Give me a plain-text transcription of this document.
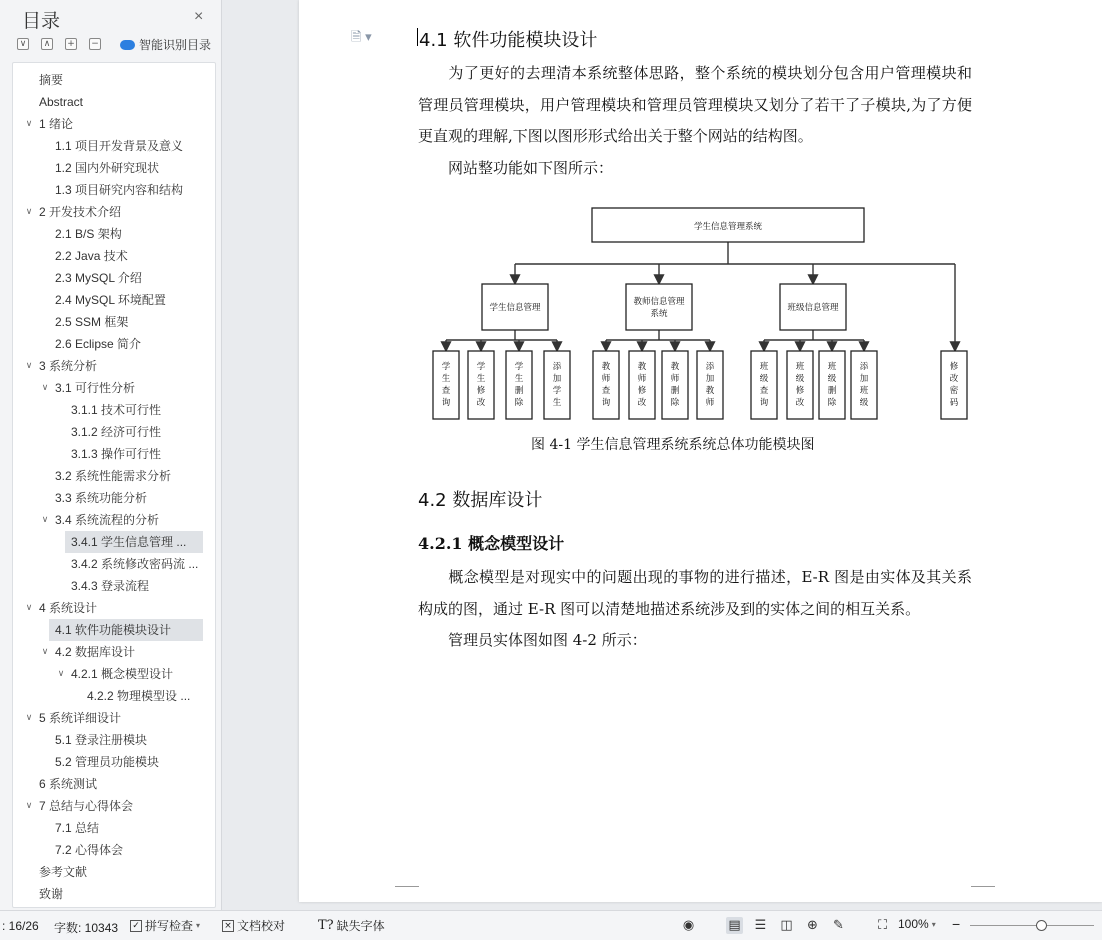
目录	×
∨	∧	+ −	智能识别目录
摘要
Abstract
1 绪论
∨
1.1 项目开发背景及意义
1.2 国内外研究现状
1.3 项目研究内容和结构
2 开发技术介绍
∨
2.1 B/S 架构
2.2 Java 技术
2.3 MySQL 介绍
2.4 MySQL 环境配置
2.5 SSM 框架
2.6 Eclipse 简介
3 系统分析
∨
3.1 可行性分析
∨
3.1.1 技术可行性
3.1.2 经济可行性
3.1.3 操作可行性
3.2 系统性能需求分析
3.3 系统功能分析
3.4 系统流程的分析
∨
3.4.1 学生信息管理 ...
3.4.2 系统修改密码流 ...
3.4.3 登录流程
4 系统设计
∨
4.1 软件功能模块设计
4.2 数据库设计
∨
4.2.1 概念模型设计
∨
4.2.2 物理模型设 ...
5 系统详细设计
∨
5.1 登录注册模块
5.2 管理员功能模块
6 系统测试
7 总结与心得体会
∨
7.1 总结
7.2 心得体会
参考文献
致谢
🗎 ▾	4.1 软件功能模块设计
为了更好的去理清本系统整体思路，整个系统的模块划分包含用户管理模块和管理员管理模块，用户管理模块和管理员管理模块又划分了若干了子模块,为了方便更直观的理解,下图以图形形式给出关于整个网站的结构图。
网站整功能如下图所示：
学生信息管理系统
学生信息管理
学
生
查
询
学
生
修
改
学
生
删
除
添
加
学
生
教师信息管理
系统
教
师
查
询
教
师
修
改
教
师
删
除
添
加
教
师
班级信息管理
班
级
查
询
班
级
修
改
班
级
删
除
添
加
班
级
修
改
密
码
图 4-1 学生信息管理系统系统总体功能模块图
4.2 数据库设计
4.2.1 概念模型设计
概念模型是对现实中的问题出现的事物的进行描述，E-R 图是由实体及其关系构成的图，通过 E-R 图可以清楚地描述系统涉及到的实体之间的相互关系。
管理员实体图如图 4-2 所示：
: 16/26 字数: 10343 ✓ 拼写检查 ▾	× 文档校对	T? 缺失字体	◉	▤ ☰ ◫ ⊕ ✎	⛶ 100% ▾ −
